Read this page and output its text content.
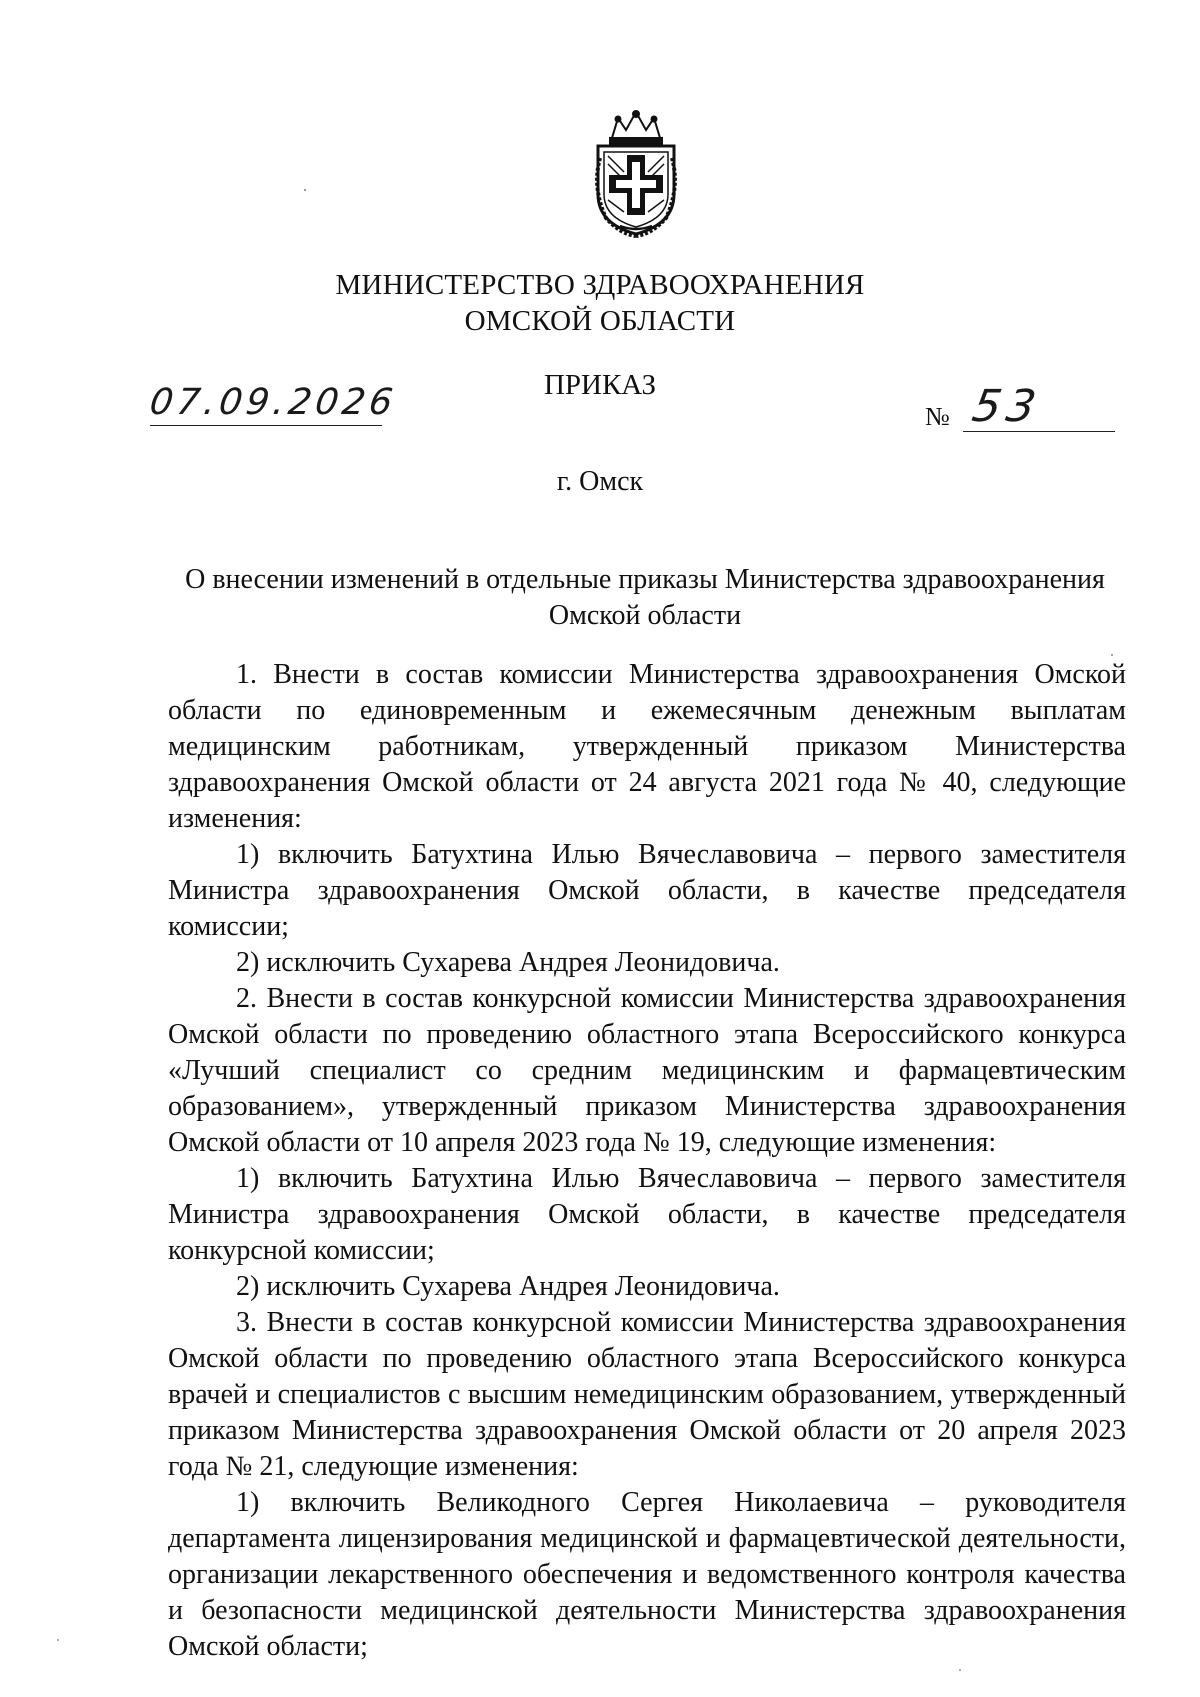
МИНИСТЕРСТВО ЗДРАВООХРАНЕНИЯ
ОМСКОЙ ОБЛАСТИ
ПРИКАЗ
07.09.2026	№ 53
г. Омск
О внесении изменений в отдельные приказы Министерства здравоохранения
Омской области

1. Внести в состав комиссии Министерства здравоохранения Омской области по единовременным и ежемесячным денежным выплатам медицинским работникам, утвержденный приказом Министерства здравоохранения Омской области от 24 августа 2021 года № 40, следующие изменения:

1) включить Батухтина Илью Вячеславовича – первого заместителя Министра здравоохранения Омской области, в качестве председателя комиссии;

2) исключить Сухарева Андрея Леонидовича.

2. Внести в состав конкурсной комиссии Министерства здравоохранения Омской области по проведению областного этапа Всероссийского конкурса «Лучший специалист со средним медицинским и фармацевтическим образованием», утвержденный приказом Министерства здравоохранения Омской области от 10 апреля 2023 года № 19, следующие изменения:

1) включить Батухтина Илью Вячеславовича – первого заместителя Министра здравоохранения Омской области, в качестве председателя конкурсной комиссии;

2) исключить Сухарева Андрея Леонидовича.

3. Внести в состав конкурсной комиссии Министерства здравоохранения Омской области по проведению областного этапа Всероссийского конкурса врачей и специалистов с высшим немедицинским образованием, утвержденный приказом Министерства здравоохранения Омской области от 20 апреля 2023 года № 21, следующие изменения:

1) включить Великодного Сергея Николаевича – руководителя департамента лицензирования медицинской и фармацевтической деятельности, организации лекарственного обеспечения и ведомственного контроля качества и безопасности медицинской деятельности Министерства здравоохранения Омской области;
